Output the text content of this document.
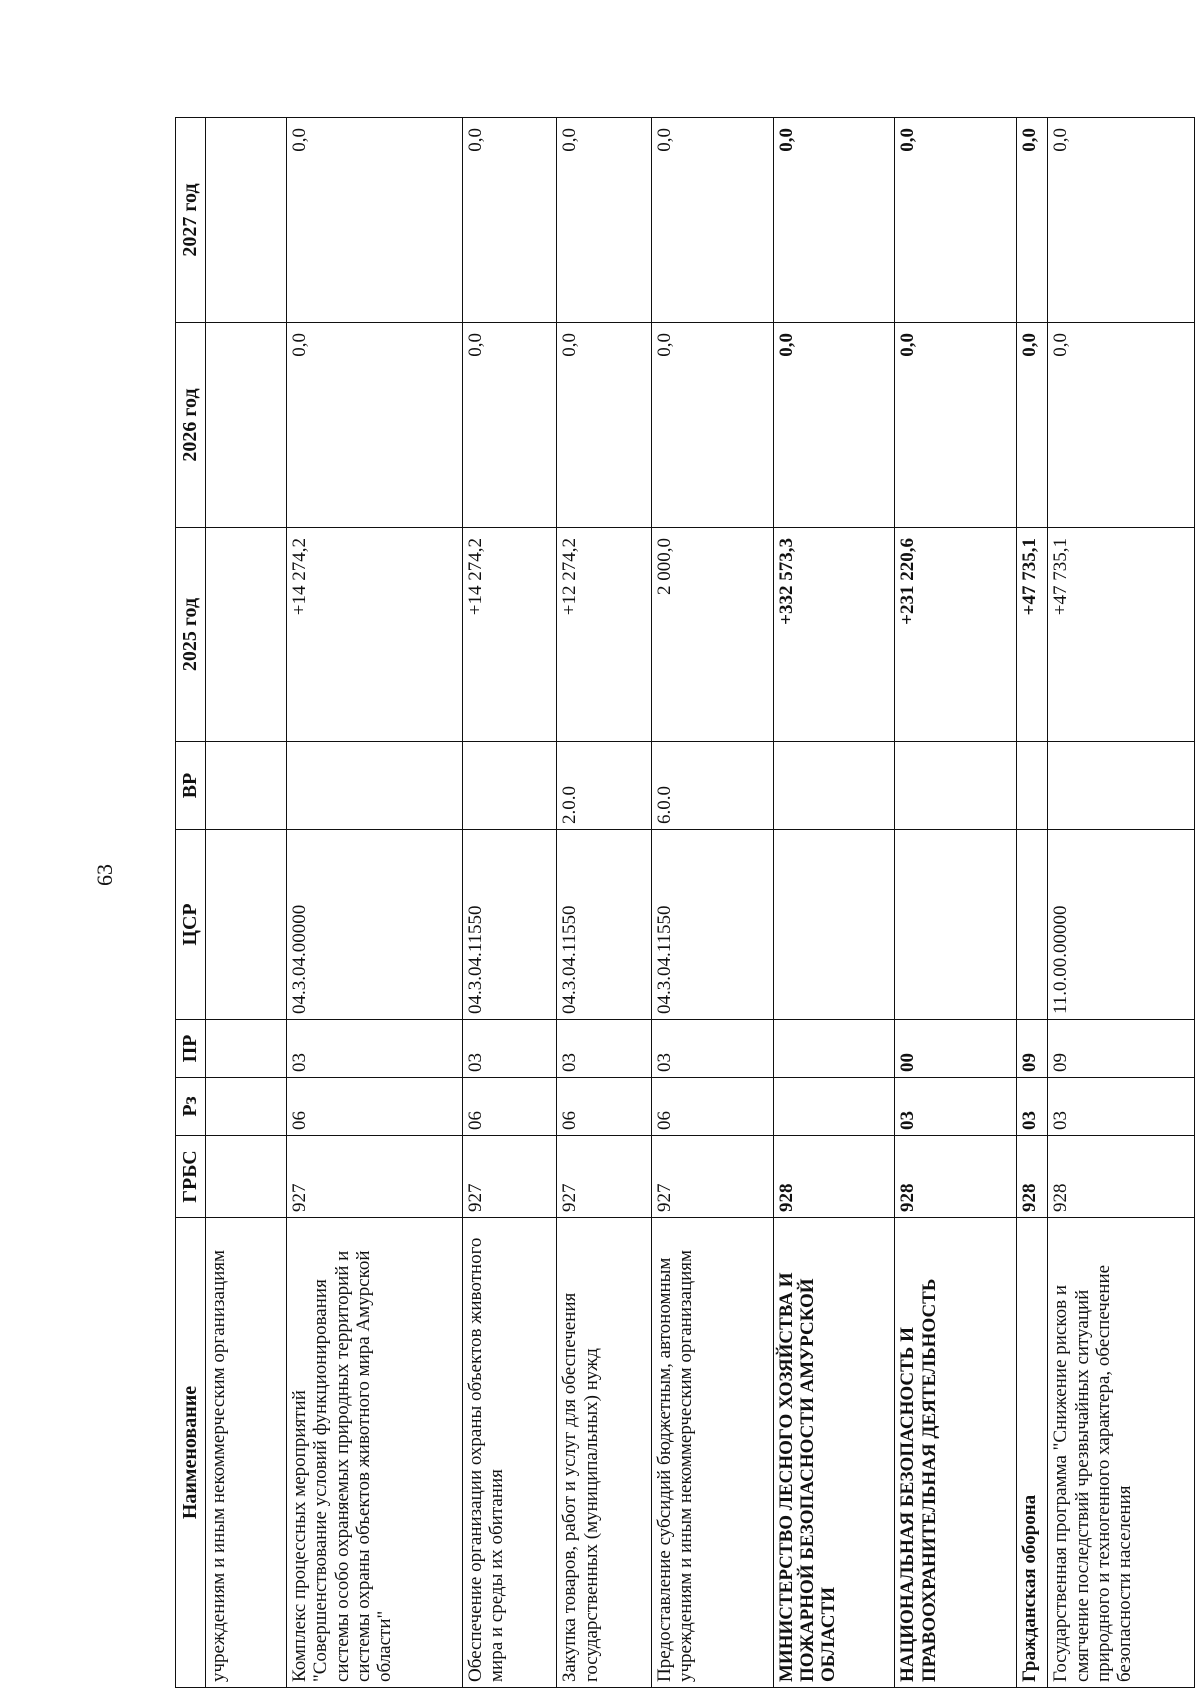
63
Наименование	ГРБС	Рз	ПР	ЦСР	ВР	2025 год	2026 год	2027 год
учреждениям и иным некоммерческим организациям								
Комплекс процессных мероприятий "Совершенствование условий функционирования системы особо охраняемых природных территорий и системы охраны объектов животного мира Амурской области"	927	06	03	04.3.04.00000		+14 274,2	0,0	0,0
Обеспечение организации охраны объектов животного мира и среды их обитания	927	06	03	04.3.04.11550		+14 274,2	0,0	0,0
Закупка товаров, работ и услуг для обеспечения государственных (муниципальных) нужд	927	06	03	04.3.04.11550	2.0.0	+12 274,2	0,0	0,0
Предоставление субсидий бюджетным, автономным учреждениям и иным некоммерческим организациям	927	06	03	04.3.04.11550	6.0.0	2 000,0	0,0	0,0
МИНИСТЕРСТВО ЛЕСНОГО ХОЗЯЙСТВА И ПОЖАРНОЙ БЕЗОПАСНОСТИ АМУРСКОЙ ОБЛАСТИ	928					+332 573,3	0,0	0,0
НАЦИОНАЛЬНАЯ БЕЗОПАСНОСТЬ И ПРАВООХРАНИТЕЛЬНАЯ ДЕЯТЕЛЬНОСТЬ	928	03	00			+231 220,6	0,0	0,0
Гражданская оборона	928	03	09			+47 735,1	0,0	0,0
Государственная программа "Снижение рисков и смягчение последствий чрезвычайных ситуаций природного и техногенного характера, обеспечение безопасности населения	928	03	09	11.0.00.00000		+47 735,1	0,0	0,0
